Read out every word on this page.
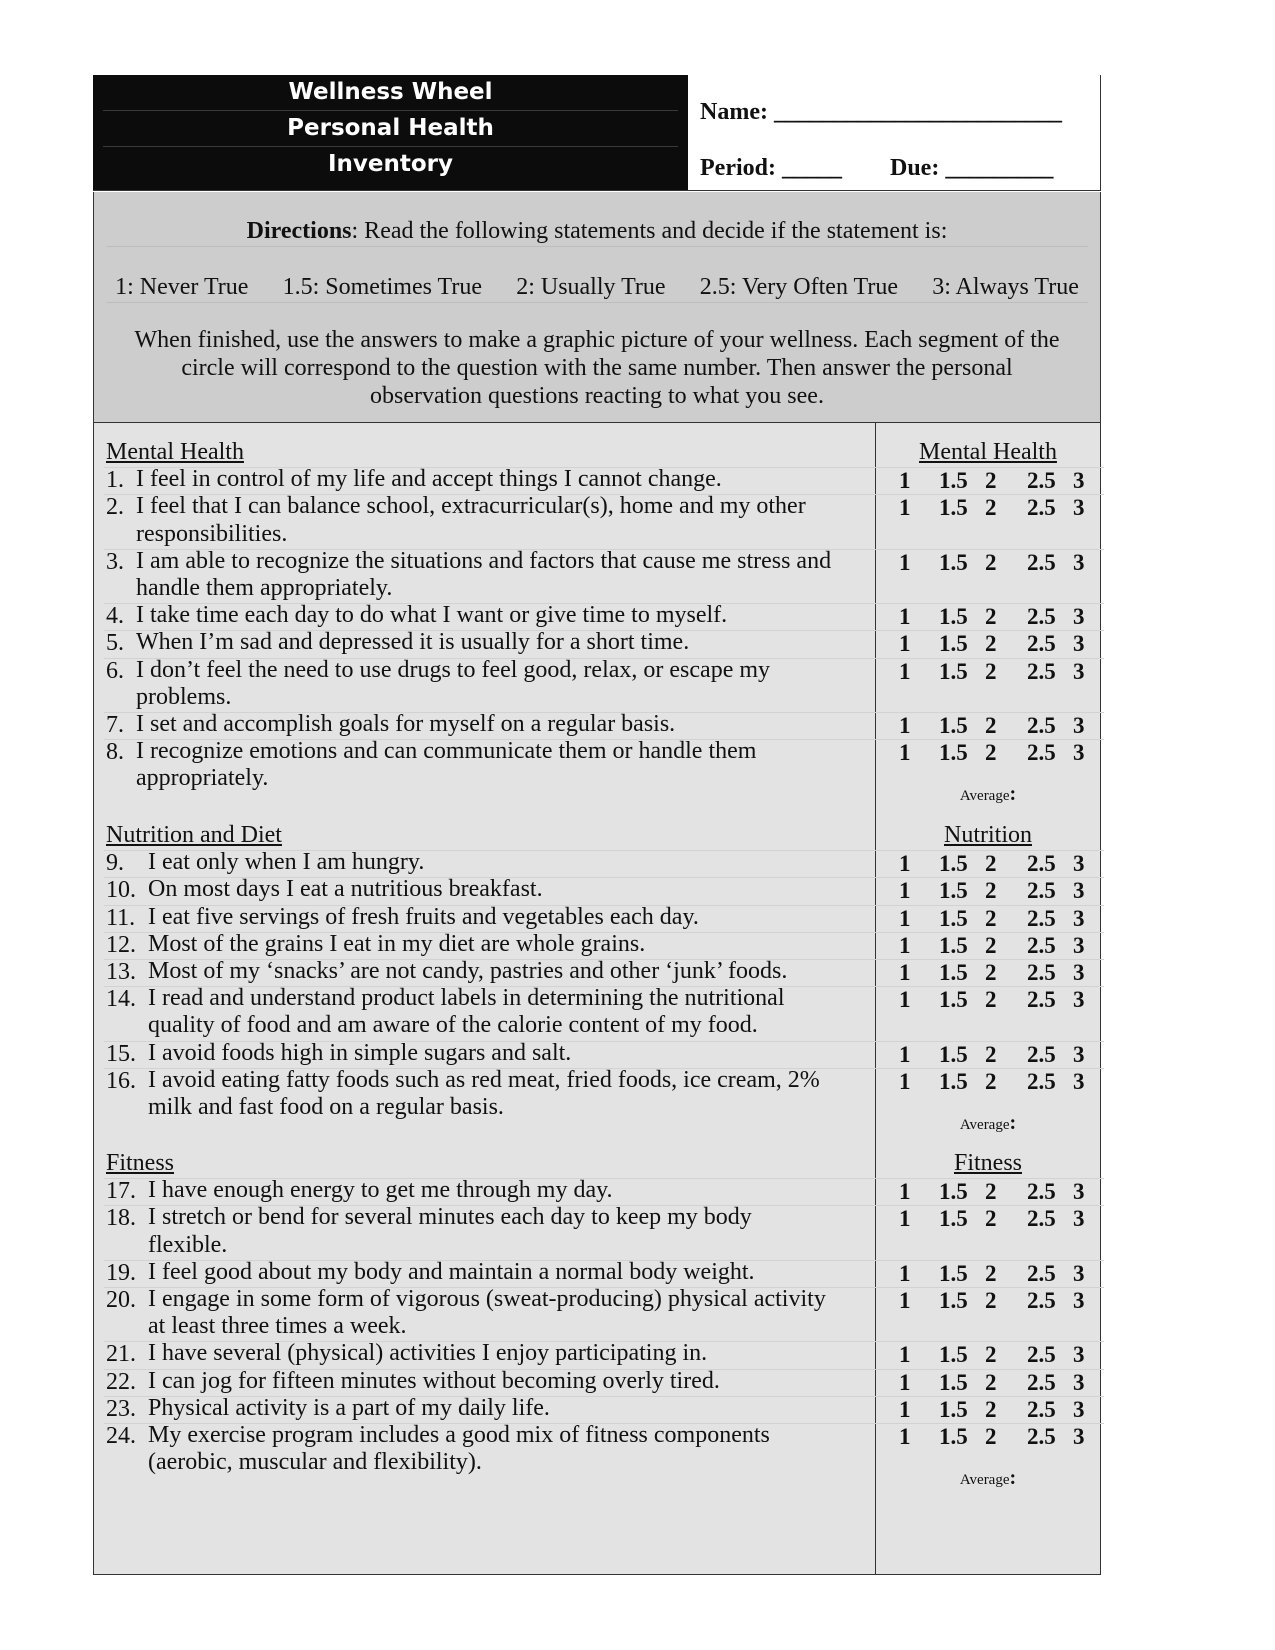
Wellness Wheel
Personal Health
Inventory
Name: ________________________
Period: _____ Due: _________
Directions: Read the following statements and decide if the statement is:
1: Never True 1.5: Sometimes True 2: Usually True 2.5: Very Often True 3: Always True
When finished, use the answers to make a graphic picture of your wellness. Each segment of the
circle will correspond to the question with the same number. Then answer the personal
observation questions reacting to what you see.
Mental Health	Mental Health
1. I feel in control of my life and accept things I cannot change.	1 1.5 2 2.5 3
2. I feel that I can balance school, extracurricular(s), home and my other
responsibilities.
1 1.5 2 2.5 3
3. I am able to recognize the situations and factors that cause me stress and
handle them appropriately.
1 1.5 2 2.5 3
4. I take time each day to do what I want or give time to myself.	1 1.5 2 2.5 3
5. When I’m sad and depressed it is usually for a short time.	1 1.5 2 2.5 3
6. I don’t feel the need to use drugs to feel good, relax, or escape my
problems.
1 1.5 2 2.5 3
7. I set and accomplish goals for myself on a regular basis.	1 1.5 2 2.5 3
8. I recognize emotions and can communicate them or handle them
appropriately.
1 1.5 2 2.5 3
Average:
Nutrition and Diet	Nutrition
9.	I eat only when I am hungry.	1 1.5 2 2.5 3
10. On most days I eat a nutritious breakfast.	1 1.5 2 2.5 3
11. I eat five servings of fresh fruits and vegetables each day.	1 1.5 2 2.5 3
12. Most of the grains I eat in my diet are whole grains.	1 1.5 2 2.5 3
13. Most of my ‘snacks’ are not candy, pastries and other ‘junk’ foods.	1 1.5 2 2.5 3
14. I read and understand product labels in determining the nutritional
quality of food and am aware of the calorie content of my food.
1 1.5 2 2.5 3
15. I avoid foods high in simple sugars and salt.	1 1.5 2 2.5 3
16. I avoid eating fatty foods such as red meat, fried foods, ice cream, 2%
milk and fast food on a regular basis.
1 1.5 2 2.5 3
Average:
Fitness	Fitness
17. I have enough energy to get me through my day.	1 1.5 2 2.5 3
18. I stretch or bend for several minutes each day to keep my body
flexible.
1 1.5 2 2.5 3
19. I feel good about my body and maintain a normal body weight.	1 1.5 2 2.5 3
20. I engage in some form of vigorous (sweat-producing) physical activity
at least three times a week.
1 1.5 2 2.5 3
21. I have several (physical) activities I enjoy participating in.	1 1.5 2 2.5 3
22. I can jog for fifteen minutes without becoming overly tired.	1 1.5 2 2.5 3
23. Physical activity is a part of my daily life.	1 1.5 2 2.5 3
24. My exercise program includes a good mix of fitness components
(aerobic, muscular and flexibility).
1 1.5 2 2.5 3
Average:
